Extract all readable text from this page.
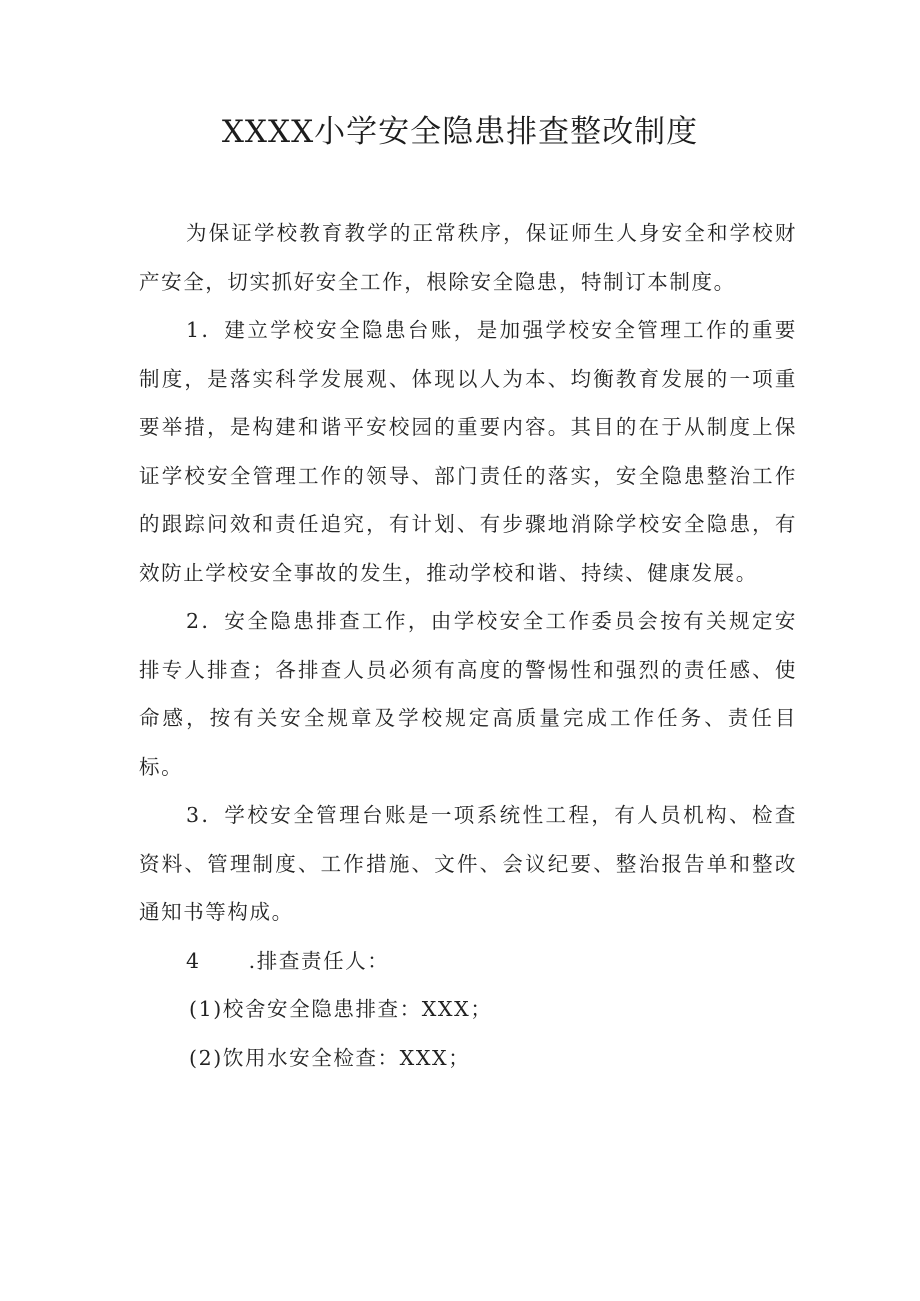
XXXX小学安全隐患排查整改制度

为保证学校教育教学的正常秩序，保证师生人身安全和学校财产安全，切实抓好安全工作，根除安全隐患，特制订本制度。

1．建立学校安全隐患台账，是加强学校安全管理工作的重要制度，是落实科学发展观、体现以人为本、均衡教育发展的一项重要举措，是构建和谐平安校园的重要内容。其目的在于从制度上保证学校安全管理工作的领导、部门责任的落实，安全隐患整治工作的跟踪问效和责任追究，有计划、有步骤地消除学校安全隐患，有效防止学校安全事故的发生，推动学校和谐、持续、健康发展。

2．安全隐患排查工作，由学校安全工作委员会按有关规定安排专人排查；各排查人员必须有高度的警惕性和强烈的责任感、使命感，按有关安全规章及学校规定高质量完成工作任务、责任目标。

3．学校安全管理台账是一项系统性工程，有人员机构、检查资料、管理制度、工作措施、文件、会议纪要、整治报告单和整改通知书等构成。

4 .排查责任人：

(1)校舍安全隐患排查：XXX；

(2)饮用水安全检查：XXX；
